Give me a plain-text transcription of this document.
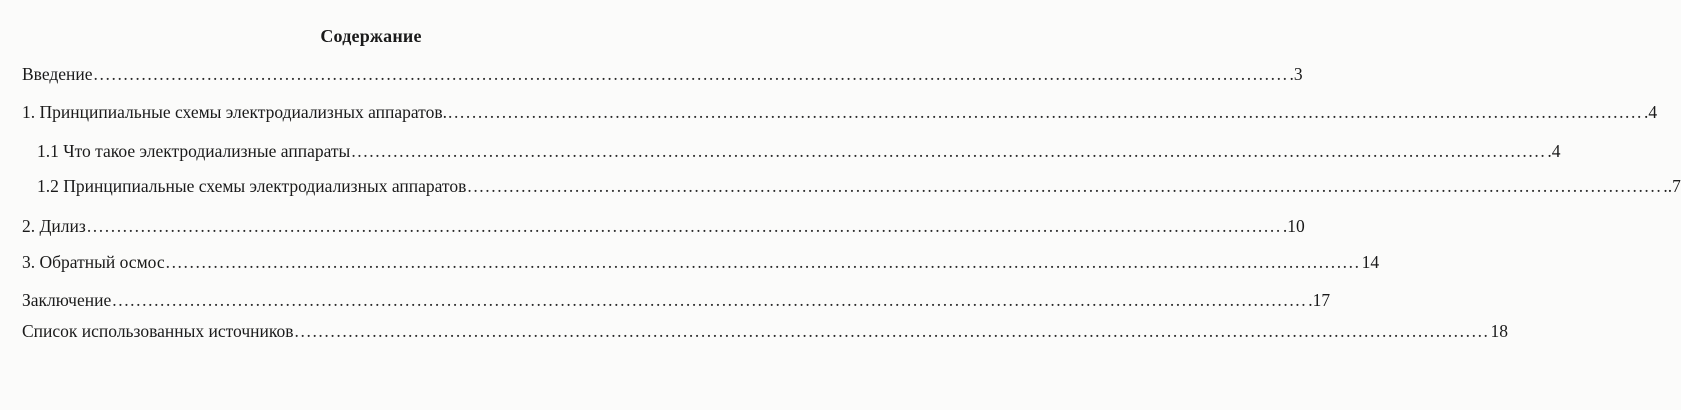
Содержание
Введение ........................................................................................................................................................................................................ .3
1. Принципиальные схемы электродиализных аппаратов. ........................................................................................................................................................................................................ .4
1.1 Что такое электродиализные аппараты ........................................................................................................................................................................................................ .4
1.2 Принципиальные схемы электродиализных аппаратов ........................................................................................................................................................................................................ ..7
2. Дилиз ........................................................................................................................................................................................................ .10
3. Обратный осмос ........................................................................................................................................................................................................ 14
Заключение ........................................................................................................................................................................................................ .17
Список использованных источников ........................................................................................................................................................................................................ 18
